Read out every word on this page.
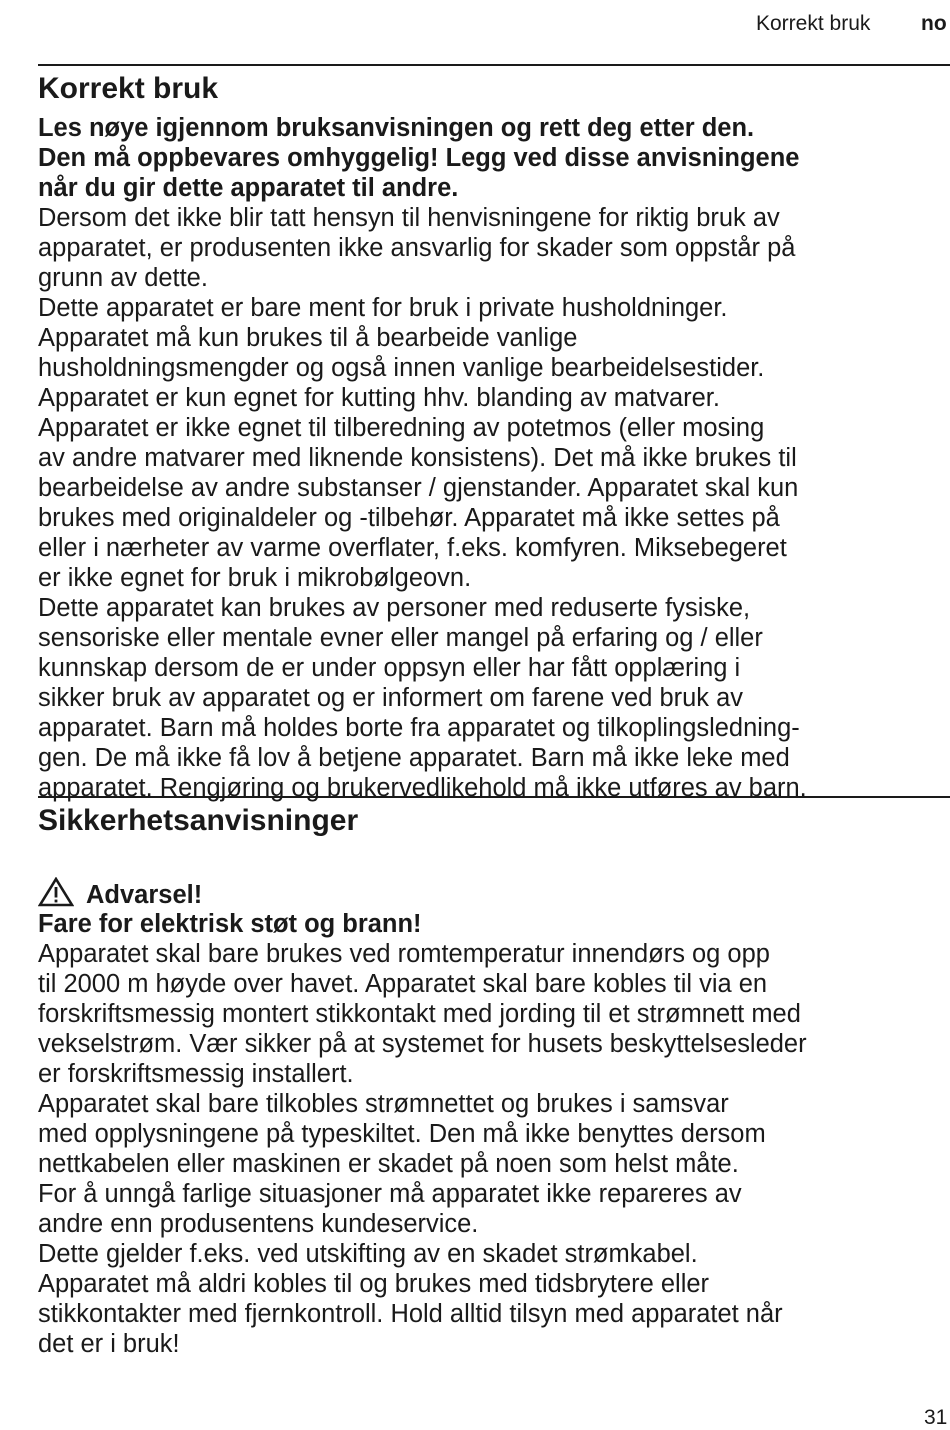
Korrekt bruk no
Korrekt bruk
Les nøye igjennom bruksanvisningen og rett deg etter den.
Den må oppbevares omhyggelig! Legg ved disse anvisningene
når du gir dette apparatet til andre.
Dersom det ikke blir tatt hensyn til henvisningene for riktig bruk av
apparatet, er produsenten ikke ansvarlig for skader som oppstår på
grunn av dette.
Dette apparatet er bare ment for bruk i private husholdninger.
Apparatet må kun brukes til å bearbeide vanlige
husholdningsmengder og også innen vanlige bearbeidelsestider.
Apparatet er kun egnet for kutting hhv. blanding av matvarer.
Apparatet er ikke egnet til tilberedning av potetmos (eller mosing
av andre matvarer med liknende konsistens). Det må ikke brukes til
bearbeidelse av andre substanser / gjenstander. Apparatet skal kun
brukes med originaldeler og -tilbehør. Apparatet må ikke settes på
eller i nærheter av varme overflater, f.eks. komfyren. Miksebegeret
er ikke egnet for bruk i mikrobølgeovn.
Dette apparatet kan brukes av personer med reduserte fysiske,
sensoriske eller mentale evner eller mangel på erfaring og / eller
kunnskap dersom de er under oppsyn eller har fått opplæring i
sikker bruk av apparatet og er informert om farene ved bruk av
apparatet. Barn må holdes borte fra apparatet og tilkoplingsledning-
gen. De må ikke få lov å betjene apparatet. Barn må ikke leke med
apparatet. Rengjøring og brukervedlikehold må ikke utføres av barn.
Sikkerhetsanvisninger
Advarsel!
Fare for elektrisk støt og brann!
Apparatet skal bare brukes ved romtemperatur innendørs og opp
til 2000 m høyde over havet. Apparatet skal bare kobles til via en
forskriftsmessig montert stikkontakt med jording til et strømnett med
vekselstrøm. Vær sikker på at systemet for husets beskyttelsesleder
er forskriftsmessig installert.
Apparatet skal bare tilkobles strømnettet og brukes i samsvar
med opplysningene på typeskiltet. Den må ikke benyttes dersom
nettkabelen eller maskinen er skadet på noen som helst måte.
For å unngå farlige situasjoner må apparatet ikke repareres av
andre enn produsentens kundeservice.
Dette gjelder f.eks. ved utskifting av en skadet strømkabel.
Apparatet må aldri kobles til og brukes med tidsbrytere eller
stikkontakter med fjernkontroll. Hold alltid tilsyn med apparatet når
det er i bruk!
31
